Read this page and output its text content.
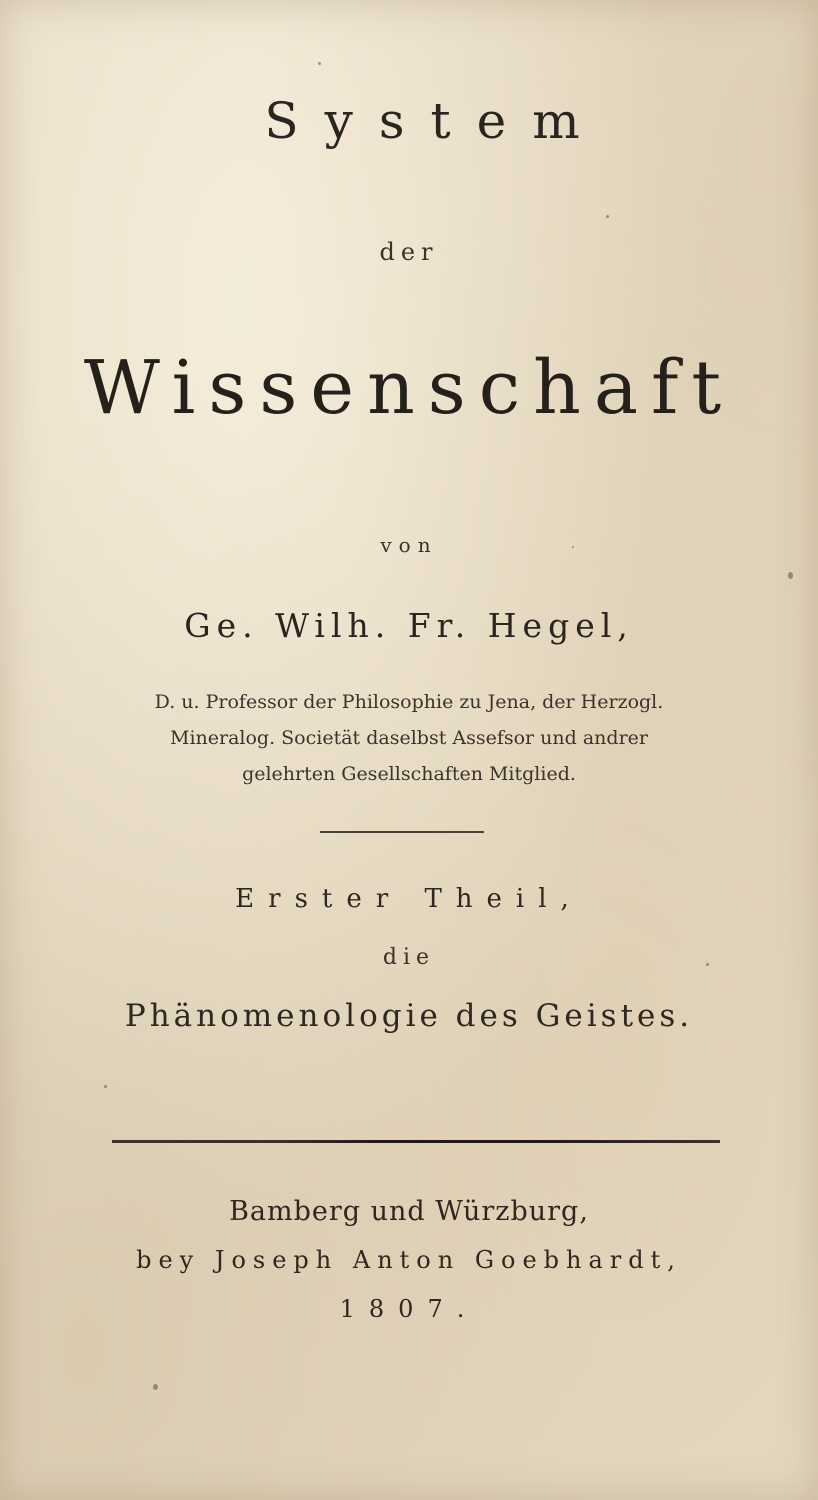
System
der
Wissenschaft
von
Ge. Wilh. Fr. Hegel,
D. u. Professor der Philosophie zu Jena, der Herzogl.
Mineralog. Societät daselbst Assefsor und andrer
gelehrten Gesellschaften Mitglied.
Erster Theil,
die
Phänomenologie des Geistes.
Bamberg und Würzburg,
bey Joseph Anton Goebhardt,
1807.
